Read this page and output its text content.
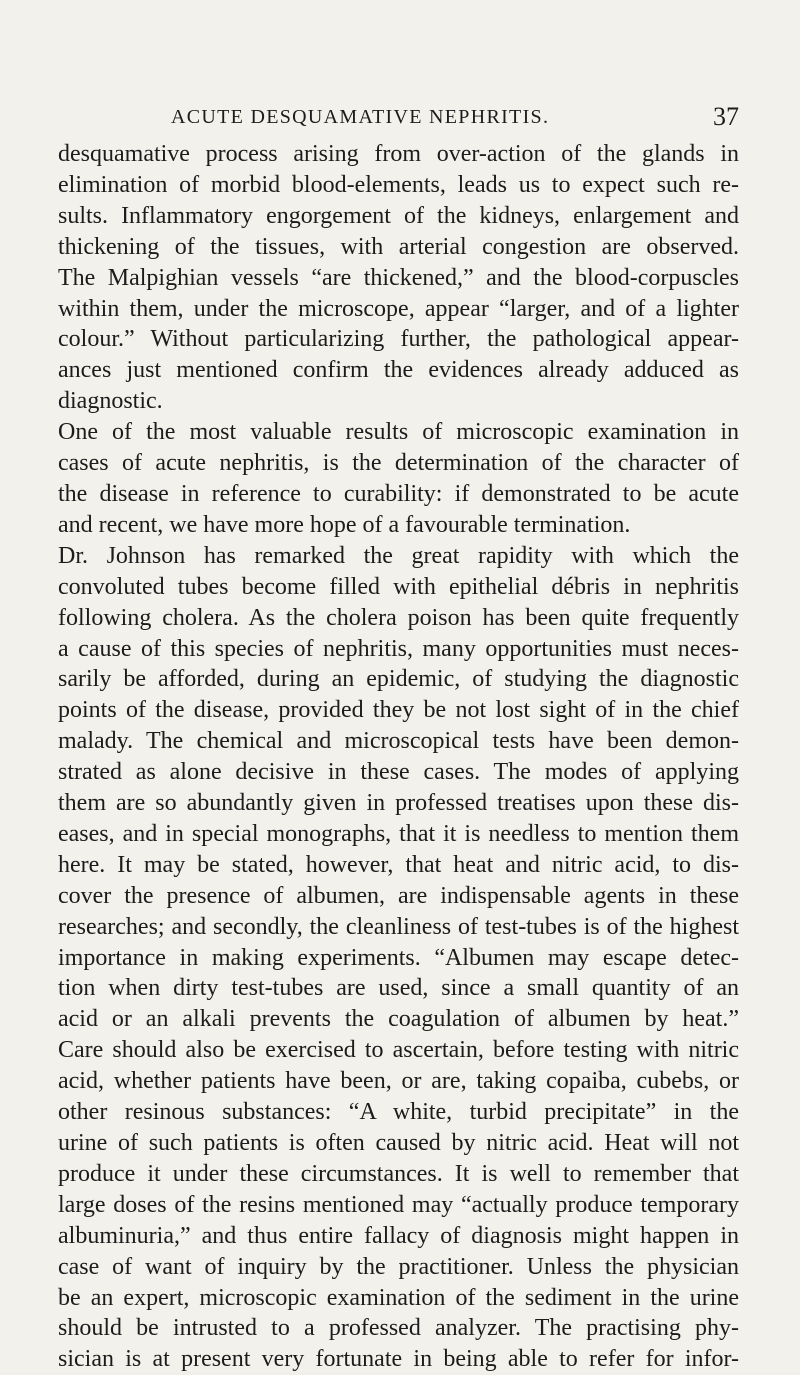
ACUTE DESQUAMATIVE NEPHRITIS.	37
desquamative process arising from over-action of the glands in
elimination of morbid blood-elements, leads us to expect such re-
sults. Inflammatory engorgement of the kidneys, enlargement and
thickening of the tissues, with arterial congestion are observed.
The Malpighian vessels “are thickened,” and the blood-corpuscles
within them, under the microscope, appear “larger, and of a lighter
colour.” Without particularizing further, the pathological appear-
ances just mentioned confirm the evidences already adduced as
diagnostic.
One of the most valuable results of microscopic examination in
cases of acute nephritis, is the determination of the character of
the disease in reference to curability: if demonstrated to be acute
and recent, we have more hope of a favourable termination.
Dr. Johnson has remarked the great rapidity with which the
convoluted tubes become filled with epithelial débris in nephritis
following cholera. As the cholera poison has been quite frequently
a cause of this species of nephritis, many opportunities must neces-
sarily be afforded, during an epidemic, of studying the diagnostic
points of the disease, provided they be not lost sight of in the chief
malady. The chemical and microscopical tests have been demon-
strated as alone decisive in these cases. The modes of applying
them are so abundantly given in professed treatises upon these dis-
eases, and in special monographs, that it is needless to mention them
here. It may be stated, however, that heat and nitric acid, to dis-
cover the presence of albumen, are indispensable agents in these
researches; and secondly, the cleanliness of test-tubes is of the highest
importance in making experiments. “Albumen may escape detec-
tion when dirty test-tubes are used, since a small quantity of an
acid or an alkali prevents the coagulation of albumen by heat.”
Care should also be exercised to ascertain, before testing with nitric
acid, whether patients have been, or are, taking copaiba, cubebs, or
other resinous substances: “A white, turbid precipitate” in the
urine of such patients is often caused by nitric acid. Heat will not
produce it under these circumstances. It is well to remember that
large doses of the resins mentioned may “actually produce temporary
albuminuria,” and thus entire fallacy of diagnosis might happen in
case of want of inquiry by the practitioner. Unless the physician
be an expert, microscopic examination of the sediment in the urine
should be intrusted to a professed analyzer. The practising phy-
sician is at present very fortunate in being able to refer for infor-
